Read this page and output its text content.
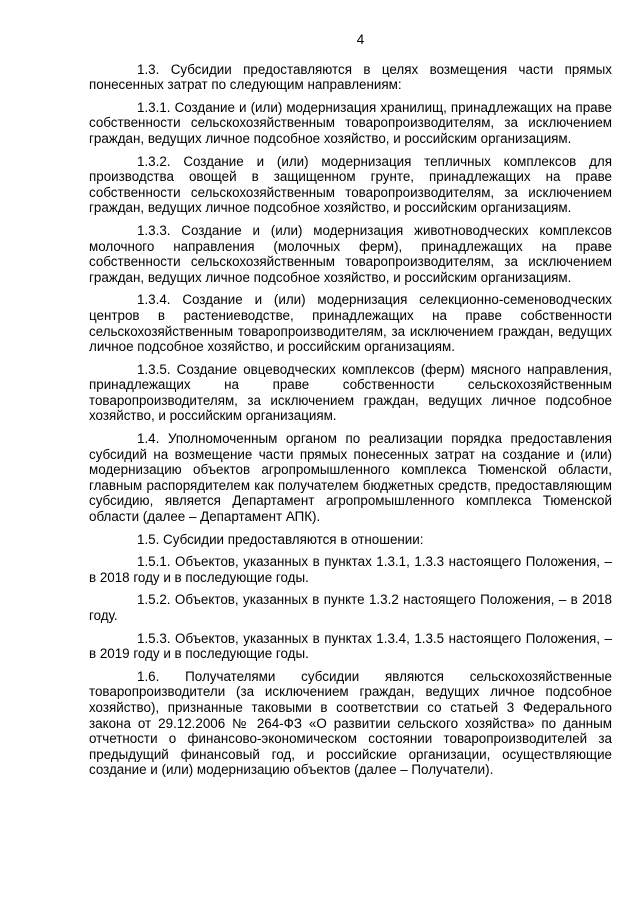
4

1.3. Субсидии предоставляются в целях возмещения части прямых понесенных затрат по следующим направлениям:

1.3.1. Создание и (или) модернизация хранилищ, принадлежащих на праве собственности сельскохозяйственным товаропроизводителям, за исключением граждан, ведущих личное подсобное хозяйство, и российским организациям.

1.3.2. Создание и (или) модернизация тепличных комплексов для производства овощей в защищенном грунте, принадлежащих на праве собственности сельскохозяйственным товаропроизводителям, за исключением граждан, ведущих личное подсобное хозяйство, и российским организациям.

1.3.3. Создание и (или) модернизация животноводческих комплексов молочного направления (молочных ферм), принадлежащих на праве собственности сельскохозяйственным товаропроизводителям, за исключением граждан, ведущих личное подсобное хозяйство, и российским организациям.

1.3.4. Создание и (или) модернизация селекционно-семеноводческих центров в растениеводстве, принадлежащих на праве собственности сельскохозяйственным товаропроизводителям, за исключением граждан, ведущих личное подсобное хозяйство, и российским организациям.

1.3.5. Создание овцеводческих комплексов (ферм) мясного направления, принадлежащих на праве собственности сельскохозяйственным товаропроизводителям, за исключением граждан, ведущих личное подсобное хозяйство, и российским организациям.

1.4. Уполномоченным органом по реализации порядка предоставления субсидий на возмещение части прямых понесенных затрат на создание и (или) модернизацию объектов агропромышленного комплекса Тюменской области, главным распорядителем как получателем бюджетных средств, предоставляющим субсидию, является Департамент агропромышленного комплекса Тюменской области (далее – Департамент АПК).

1.5. Субсидии предоставляются в отношении:

1.5.1. Объектов, указанных в пунктах 1.3.1, 1.3.3 настоящего Положения, – в 2018 году и в последующие годы.

1.5.2. Объектов, указанных в пункте 1.3.2 настоящего Положения, – в 2018 году.

1.5.3. Объектов, указанных в пунктах 1.3.4, 1.3.5 настоящего Положения, – в 2019 году и в последующие годы.

1.6. Получателями субсидии являются сельскохозяйственные товаропроизводители (за исключением граждан, ведущих личное подсобное хозяйство), признанные таковыми в соответствии со статьей 3 Федерального закона от 29.12.2006 № 264-ФЗ «О развитии сельского хозяйства» по данным отчетности о финансово-экономическом состоянии товаропроизводителей за предыдущий финансовый год, и российские организации, осуществляющие создание и (или) модернизацию объектов (далее – Получатели).
